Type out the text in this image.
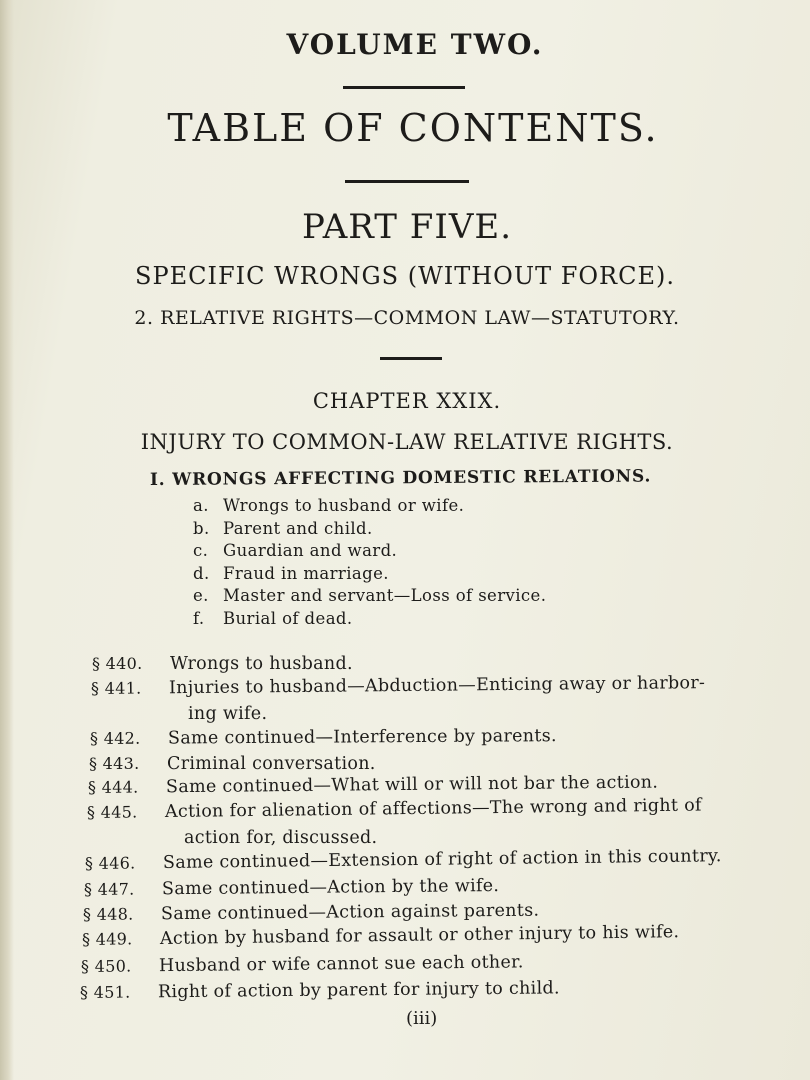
VOLUME TWO.
TABLE OF CONTENTS.
PART FIVE.
SPECIFIC WRONGS (WITHOUT FORCE).
2. RELATIVE RIGHTS—COMMON LAW—STATUTORY.
CHAPTER XXIX.
INJURY TO COMMON-LAW RELATIVE RIGHTS.
I. WRONGS AFFECTING DOMESTIC RELATIONS.
a. Wrongs to husband or wife.
b. Parent and child.
c. Guardian and ward.
d. Fraud in marriage.
e. Master and servant—Loss of service.
f. Burial of dead.
§ 440. Wrongs to husband.
§ 441. Injuries to husband—Abduction—Enticing away or harbor-
ing wife.
§ 442. Same continued—Interference by parents.
§ 443. Criminal conversation.
§ 444. Same continued—What will or will not bar the action.
§ 445. Action for alienation of affections—The wrong and right of
action for, discussed.
§ 446. Same continued—Extension of right of action in this country.
§ 447. Same continued—Action by the wife.
§ 448. Same continued—Action against parents.
§ 449. Action by husband for assault or other injury to his wife.
§ 450. Husband or wife cannot sue each other.
§ 451. Right of action by parent for injury to child.
(iii)
